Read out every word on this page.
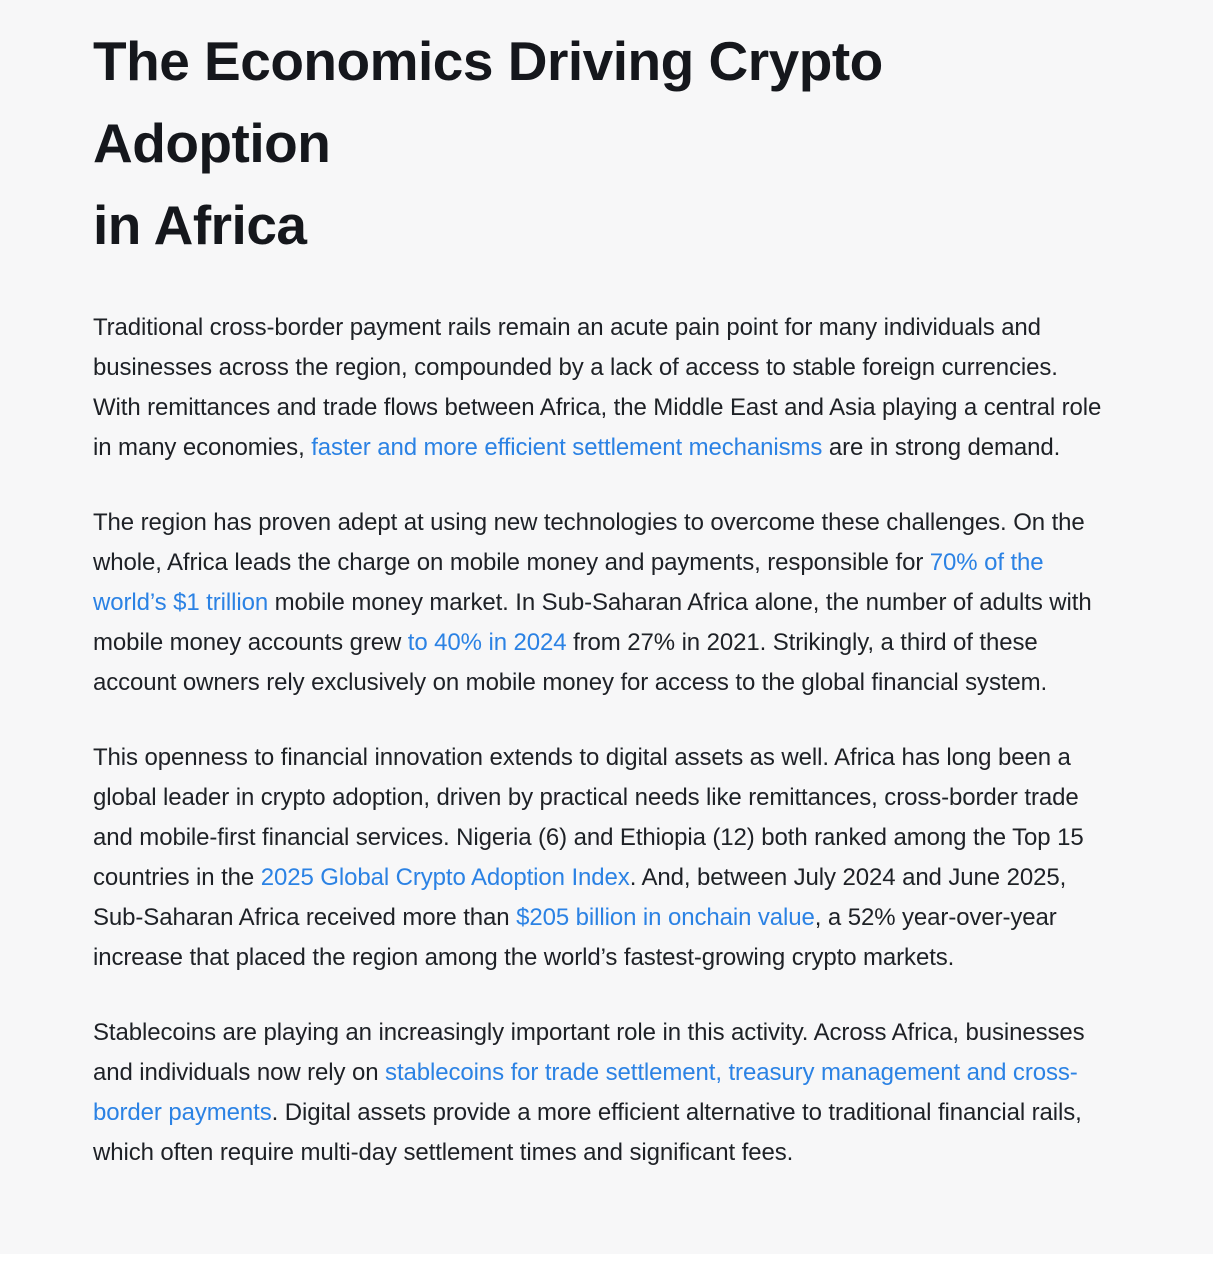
The Economics Driving Crypto Adoption
in Africa

Traditional cross-border payment rails remain an acute pain point for many individuals and businesses across the region, compounded by a lack of access to stable foreign currencies. With remittances and trade flows between Africa, the Middle East and Asia playing a central role in many economies, faster and more efficient settlement mechanisms are in strong demand.

The region has proven adept at using new technologies to overcome these challenges. On the whole, Africa leads the charge on mobile money and payments, responsible for 70% of the world’s $1 trillion mobile money market. In Sub-Saharan Africa alone, the number of adults with mobile money accounts grew to 40% in 2024 from 27% in 2021. Strikingly, a third of these account owners rely exclusively on mobile money for access to the global financial system.

This openness to financial innovation extends to digital assets as well. Africa has long been a global leader in crypto adoption, driven by practical needs like remittances, cross-border trade and mobile-first financial services. Nigeria (6) and Ethiopia (12) both ranked among the Top 15 countries in the 2025 Global Crypto Adoption Index. And, between July 2024 and June 2025, Sub-Saharan Africa received more than $205 billion in onchain value, a 52% year-over-year increase that placed the region among the world’s fastest-growing crypto markets.

Stablecoins are playing an increasingly important role in this activity. Across Africa, businesses and individuals now rely on stablecoins for trade settlement, treasury management and cross-border payments. Digital assets provide a more efficient alternative to traditional financial rails, which often require multi-day settlement times and significant fees.
